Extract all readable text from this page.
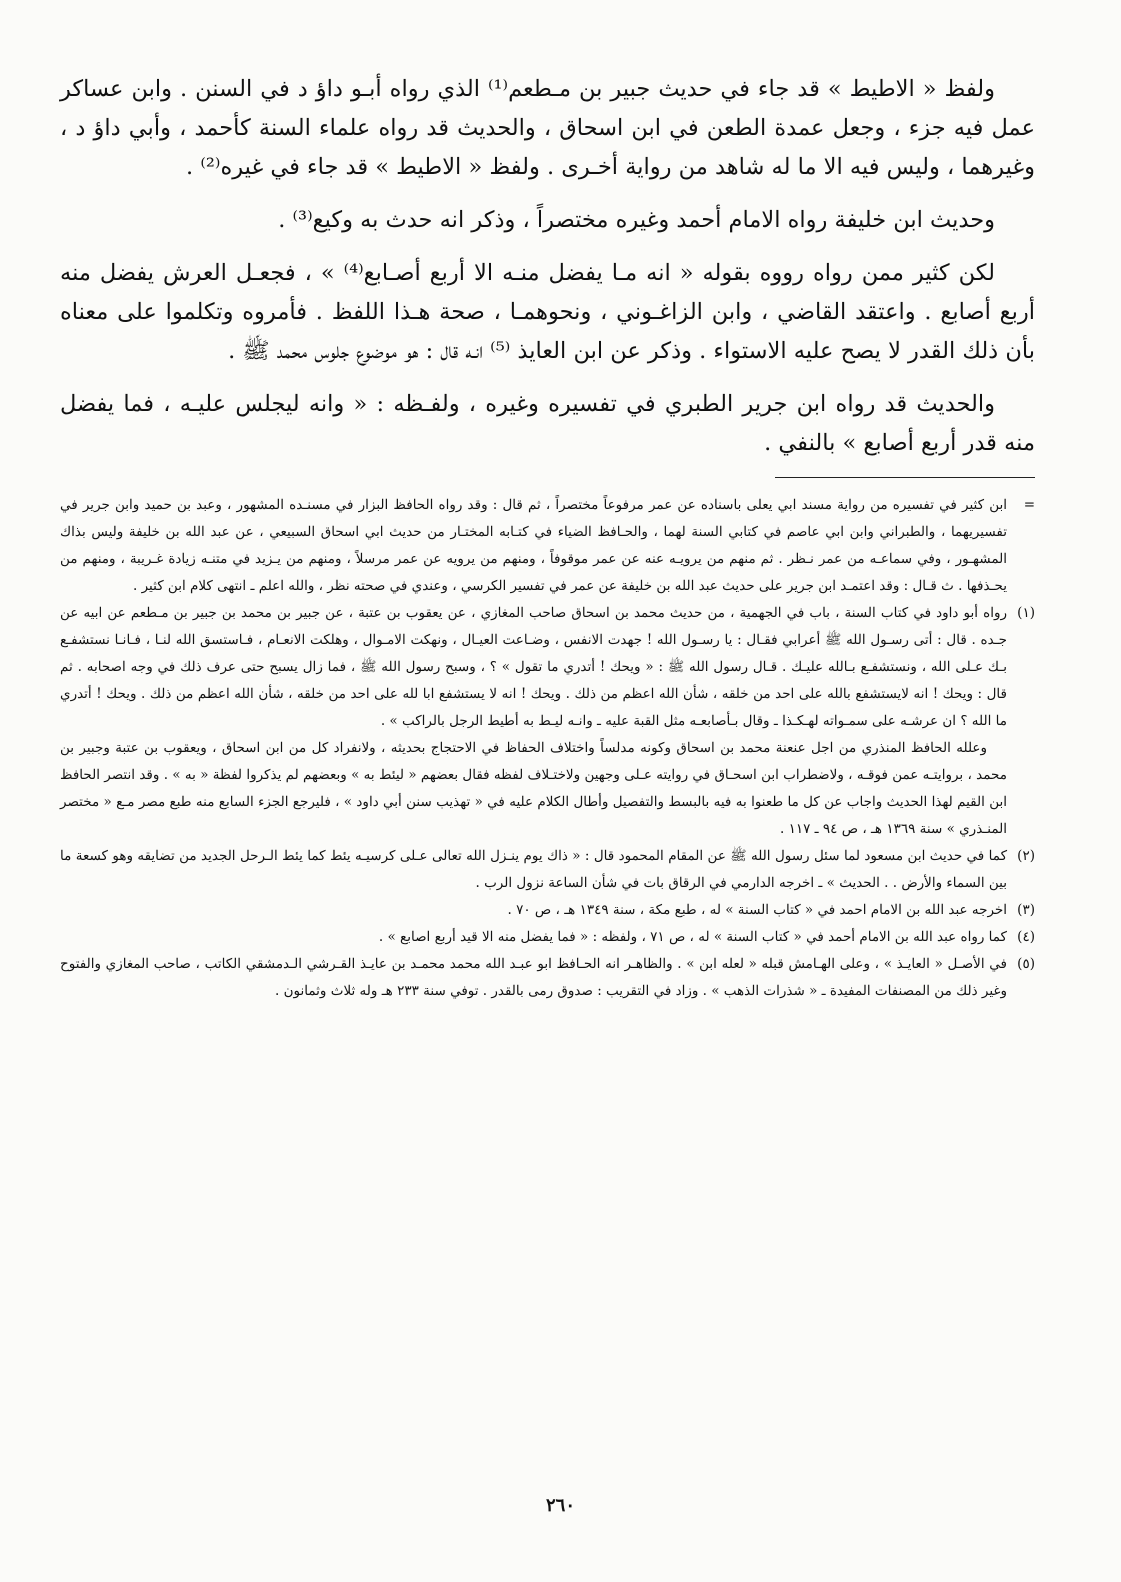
ولفظ « الاطيط » قد جاء في حديث جبير بن مـطعم⁽¹⁾ الذي رواه أبـو داؤ د في السنن . وابن عساكر عمل فيه جزء ، وجعل عمدة الطعن في ابن اسحاق ، والحديث قد رواه علماء السنة كأحمد ، وأبي داؤ د ، وغيرهما ، وليس فيه الا ما له شاهد من رواية أخـرى . ولفظ « الاطيط » قد جاء في غيره⁽²⁾ .

وحديث ابن خليفة رواه الامام أحمد وغيره مختصراً ، وذكر انه حدث به وكيع⁽³⁾ .

لكن كثير ممن رواه رووه بقوله « انه مـا يفضل منـه الا أربع أصـابع⁽⁴⁾ » ، فجعـل العرش يفضل منه أربع أصابع . واعتقد القاضي ، وابن الزاغـوني ، ونحوهمـا ، صحة هـذا اللفظ . فأمروه وتكلموا على معناه بأن ذلك القدر لا يصح عليه الاستواء . وذكر عن ابن العايذ ⁽⁵⁾ انـه قال : هو موضوع جلوس محمد ﷺ .

والحديث قد رواه ابن جرير الطبري في تفسيره وغيره ، ولفـظه : « وانه ليجلس عليـه ، فما يفضل منه قدر أربع أصابع » بالنفي .

=
ابن كثير في تفسيره من رواية مسند ابي يعلى باسناده عن عمر مرفوعاً مختصراً ، ثم قال : وقد رواه الحافظ البزار في مسنـده المشهور ، وعبد بن حميد وابن جرير في تفسيريهما ، والطبراني وابن ابي عاصم في كتابي السنة لهما ، والحـافظ الضياء في كتـابه المختـار من حديث ابي اسحاق السبيعي ، عن عبد الله بن خليفة وليس بذاك المشهـور ، وفي سماعـه من عمر نـظر . ثم منهم من يرويـه عنه عن عمر موقوفاً ، ومنهم من يرويه عن عمر مرسلاً ، ومنهم من يـزيد في متنـه زيادة غـريبة ، ومنهم من يحـذفها . ث قـال : وقد اعتمـد ابن جرير على حديث عبد الله بن خليفة عن عمر في تفسير الكرسي ، وعندي في صحته نظر ، والله اعلم ـ انتهى كلام ابن كثير .

(١)
رواه أبو داود في كتاب السنة ، باب في الجهمية ، من حديث محمد بن اسحاق صاحب المغازي ، عن يعقوب بن عتبة ، عن جبير بن محمد بن جبير بن مـطعم عن ابيه عن جـده . قال : أتى رسـول الله ﷺ أعرابي فقـال : يا رسـول الله ! جهدت الانفس ، وضـاعت العيـال ، ونهكت الامـوال ، وهلكت الانعـام ، فـاستسق الله لنـا ، فـانـا نستشفـع بـك عـلى الله ، ونستشفـع بـالله عليـك . قـال رسول الله ﷺ : « ويحك ! أتدري ما تقول » ؟ ، وسبح رسول الله ﷺ ، فما زال يسبح حتى عرف ذلك في وجه اصحابه . ثم قال : ويحك ! انه لايستشفع بالله على احد من خلقه ، شأن الله اعظم من ذلك . ويحك ! انه لا يستشفع ابا لله على احد من خلقه ، شأن الله اعظم من ذلك . ويحك ! أتدري ما الله ؟ ان عرشـه على سمـواته لهـكـذا ـ وقال بـأصابعـه مثل القبة عليه ـ وانـه ليـط به أطيط الرجل بالراكب » .

وعلله الحافظ المنذري من اجل عنعنة محمد بن اسحاق وكونه مدلساً واختلاف الحفاظ في الاحتجاج بحديثه ، ولانفراد كل من ابن اسحاق ، ويعقوب بن عتبة وجبير بن محمد ، بروايتـه عمن فوقـه ، ولاضطراب ابن اسحـاق في روايته عـلى وجهين ولاختـلاف لفظه فقال بعضهم « ليئط به » وبعضهم لم يذكروا لفظة « به » . وقد انتصر الحافظ ابن القيم لهذا الحديث واجاب عن كل ما طعنوا به فيه بالبسط والتفصيل وأطال الكلام عليه في « تهذيب سنن أبي داود » ، فليرجع الجزء السابع منه طبع مصر مـع « مختصر المنـذري » سنة ١٣٦٩ هـ ، ص ٩٤ ـ ١١٧ .

(٢)
كما في حديث ابن مسعود لما سئل رسول الله ﷺ عن المقام المحمود قال : « ذاك يوم ينـزل الله تعالى عـلى كرسيـه يئط كما يئط الـرحل الجديد من تضايقه وهو كسعة ما بين السماء والأرض . . الحديث » ـ اخرجه الدارمي في الرقاق بات في شأن الساعة نزول الرب .

(٣)
اخرجه عبد الله بن الامام احمد في « كتاب السنة » له ، طبع مكة ، سنة ١٣٤٩ هـ ، ص ٧٠ .

(٤)
كما رواه عبد الله بن الامام أحمد في « كتاب السنة » له ، ص ٧١ ، ولفظه : « فما يفضل منه الا قيد أربع اصابع » .

(٥)
في الأصـل « العايـذ » ، وعلى الهـامش قبله « لعله ابن » . والظاهـر انه الحـافظ ابو عبـد الله محمد محمـد بن عايـذ القـرشي الـدمشقي الكاتب ، صاحب المغازي والفتوح وغير ذلك من المصنفات المفيدة ـ « شذرات الذهب » . وزاد في التقريب : صدوق رمى بالقدر . توفي سنة ٢٣٣ هـ وله ثلاث وثمانون .

٢٦٠
